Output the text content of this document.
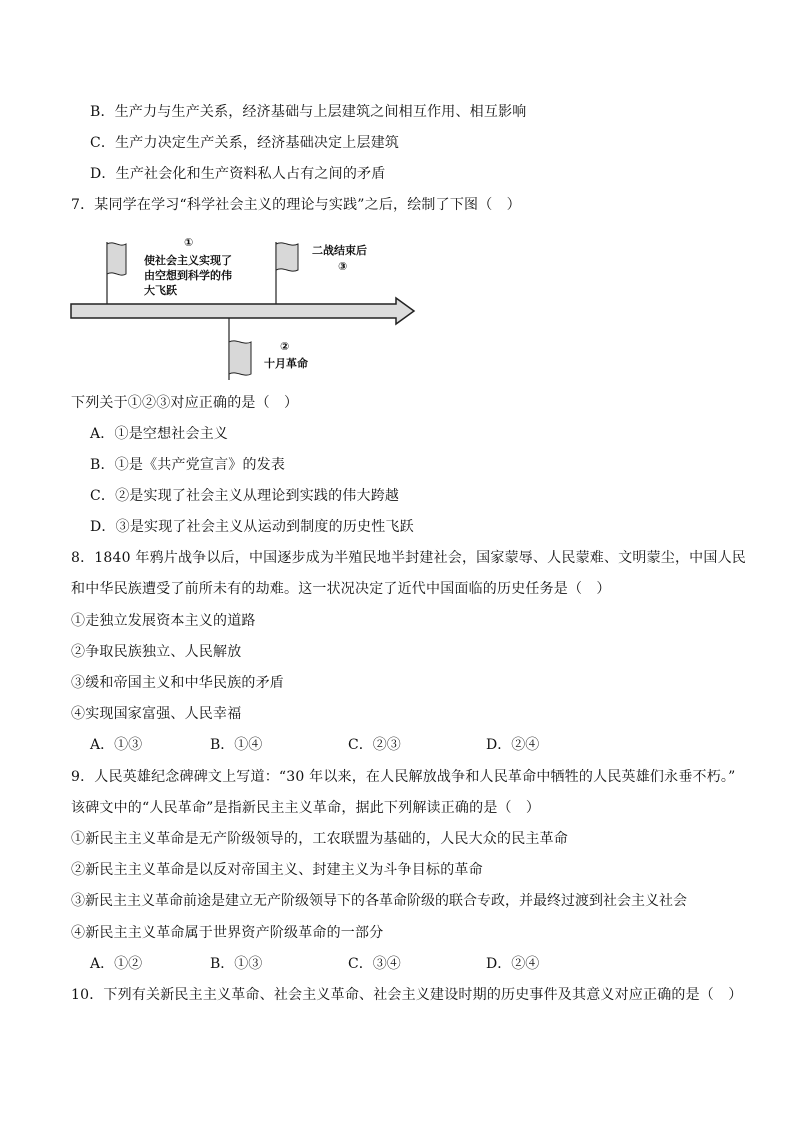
B．生产力与生产关系，经济基础与上层建筑之间相互作用、相互影响
C．生产力决定生产关系，经济基础决定上层建筑
D．生产社会化和生产资料私人占有之间的矛盾
7．某同学在学习“科学社会主义的理论与实践”之后，绘制了下图（　）
①
使社会主义实现了
由空想到科学的伟
大飞跃
二战结束后
③
②
十月革命
下列关于①②③对应正确的是（　）
A．①是空想社会主义
B．①是《共产党宣言》的发表
C．②是实现了社会主义从理论到实践的伟大跨越
D．③是实现了社会主义从运动到制度的历史性飞跃
8．1840 年鸦片战争以后，中国逐步成为半殖民地半封建社会，国家蒙辱、人民蒙难、文明蒙尘，中国人民
和中华民族遭受了前所未有的劫难。这一状况决定了近代中国面临的历史任务是（　）
①走独立发展资本主义的道路
②争取民族独立、人民解放
③缓和帝国主义和中华民族的矛盾
④实现国家富强、人民幸福
A．①③	B．①④	C．②③	D．②④
9．人民英雄纪念碑碑文上写道：“30 年以来，在人民解放战争和人民革命中牺牲的人民英雄们永垂不朽。”
该碑文中的“人民革命”是指新民主主义革命，据此下列解读正确的是（　）
①新民主主义革命是无产阶级领导的，工农联盟为基础的，人民大众的民主革命
②新民主主义革命是以反对帝国主义、封建主义为斗争目标的革命
③新民主主义革命前途是建立无产阶级领导下的各革命阶级的联合专政，并最终过渡到社会主义社会
④新民主主义革命属于世界资产阶级革命的一部分
A．①②	B．①③	C．③④	D．②④
10．下列有关新民主主义革命、社会主义革命、社会主义建设时期的历史事件及其意义对应正确的是（　）
